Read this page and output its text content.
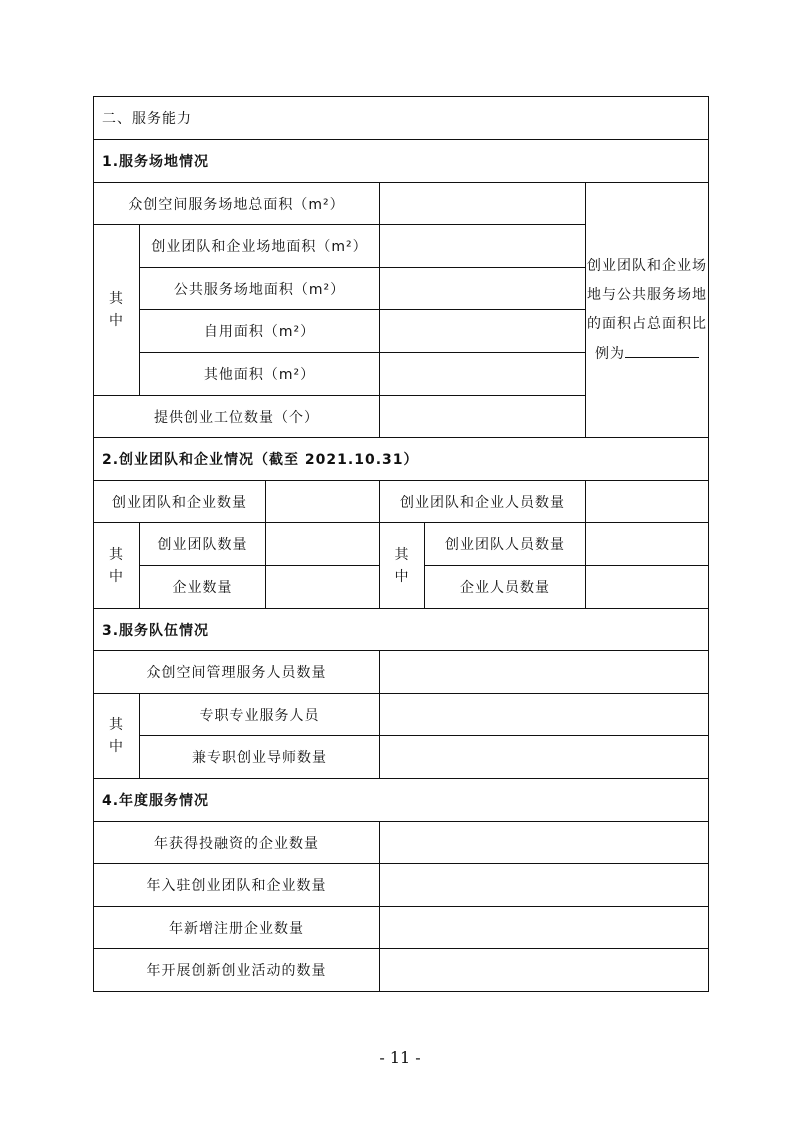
二、服务能力					
1.服务场地情况					
众创空间服务场地总面积（m²）					创业团队和企业场地与公共服务场地的面积占总面积比例为
其
中	创业团队和企业场地面积（m²）				
	公共服务场地面积（m²）				
	自用面积（m²）				
	其他面积（m²）				
提供创业工位数量（个）					
2.创业团队和企业情况（截至 2021.10.31）					
创业团队和企业数量			创业团队和企业人员数量		
其
中	创业团队数量		其
中	创业团队人员数量	
	企业数量			企业人员数量	
3.服务队伍情况					
众创空间管理服务人员数量					
其
中	专职专业服务人员				
	兼专职创业导师数量				
4.年度服务情况					
年获得投融资的企业数量					
年入驻创业团队和企业数量					
年新增注册企业数量					
年开展创新创业活动的数量					
- 11 -
